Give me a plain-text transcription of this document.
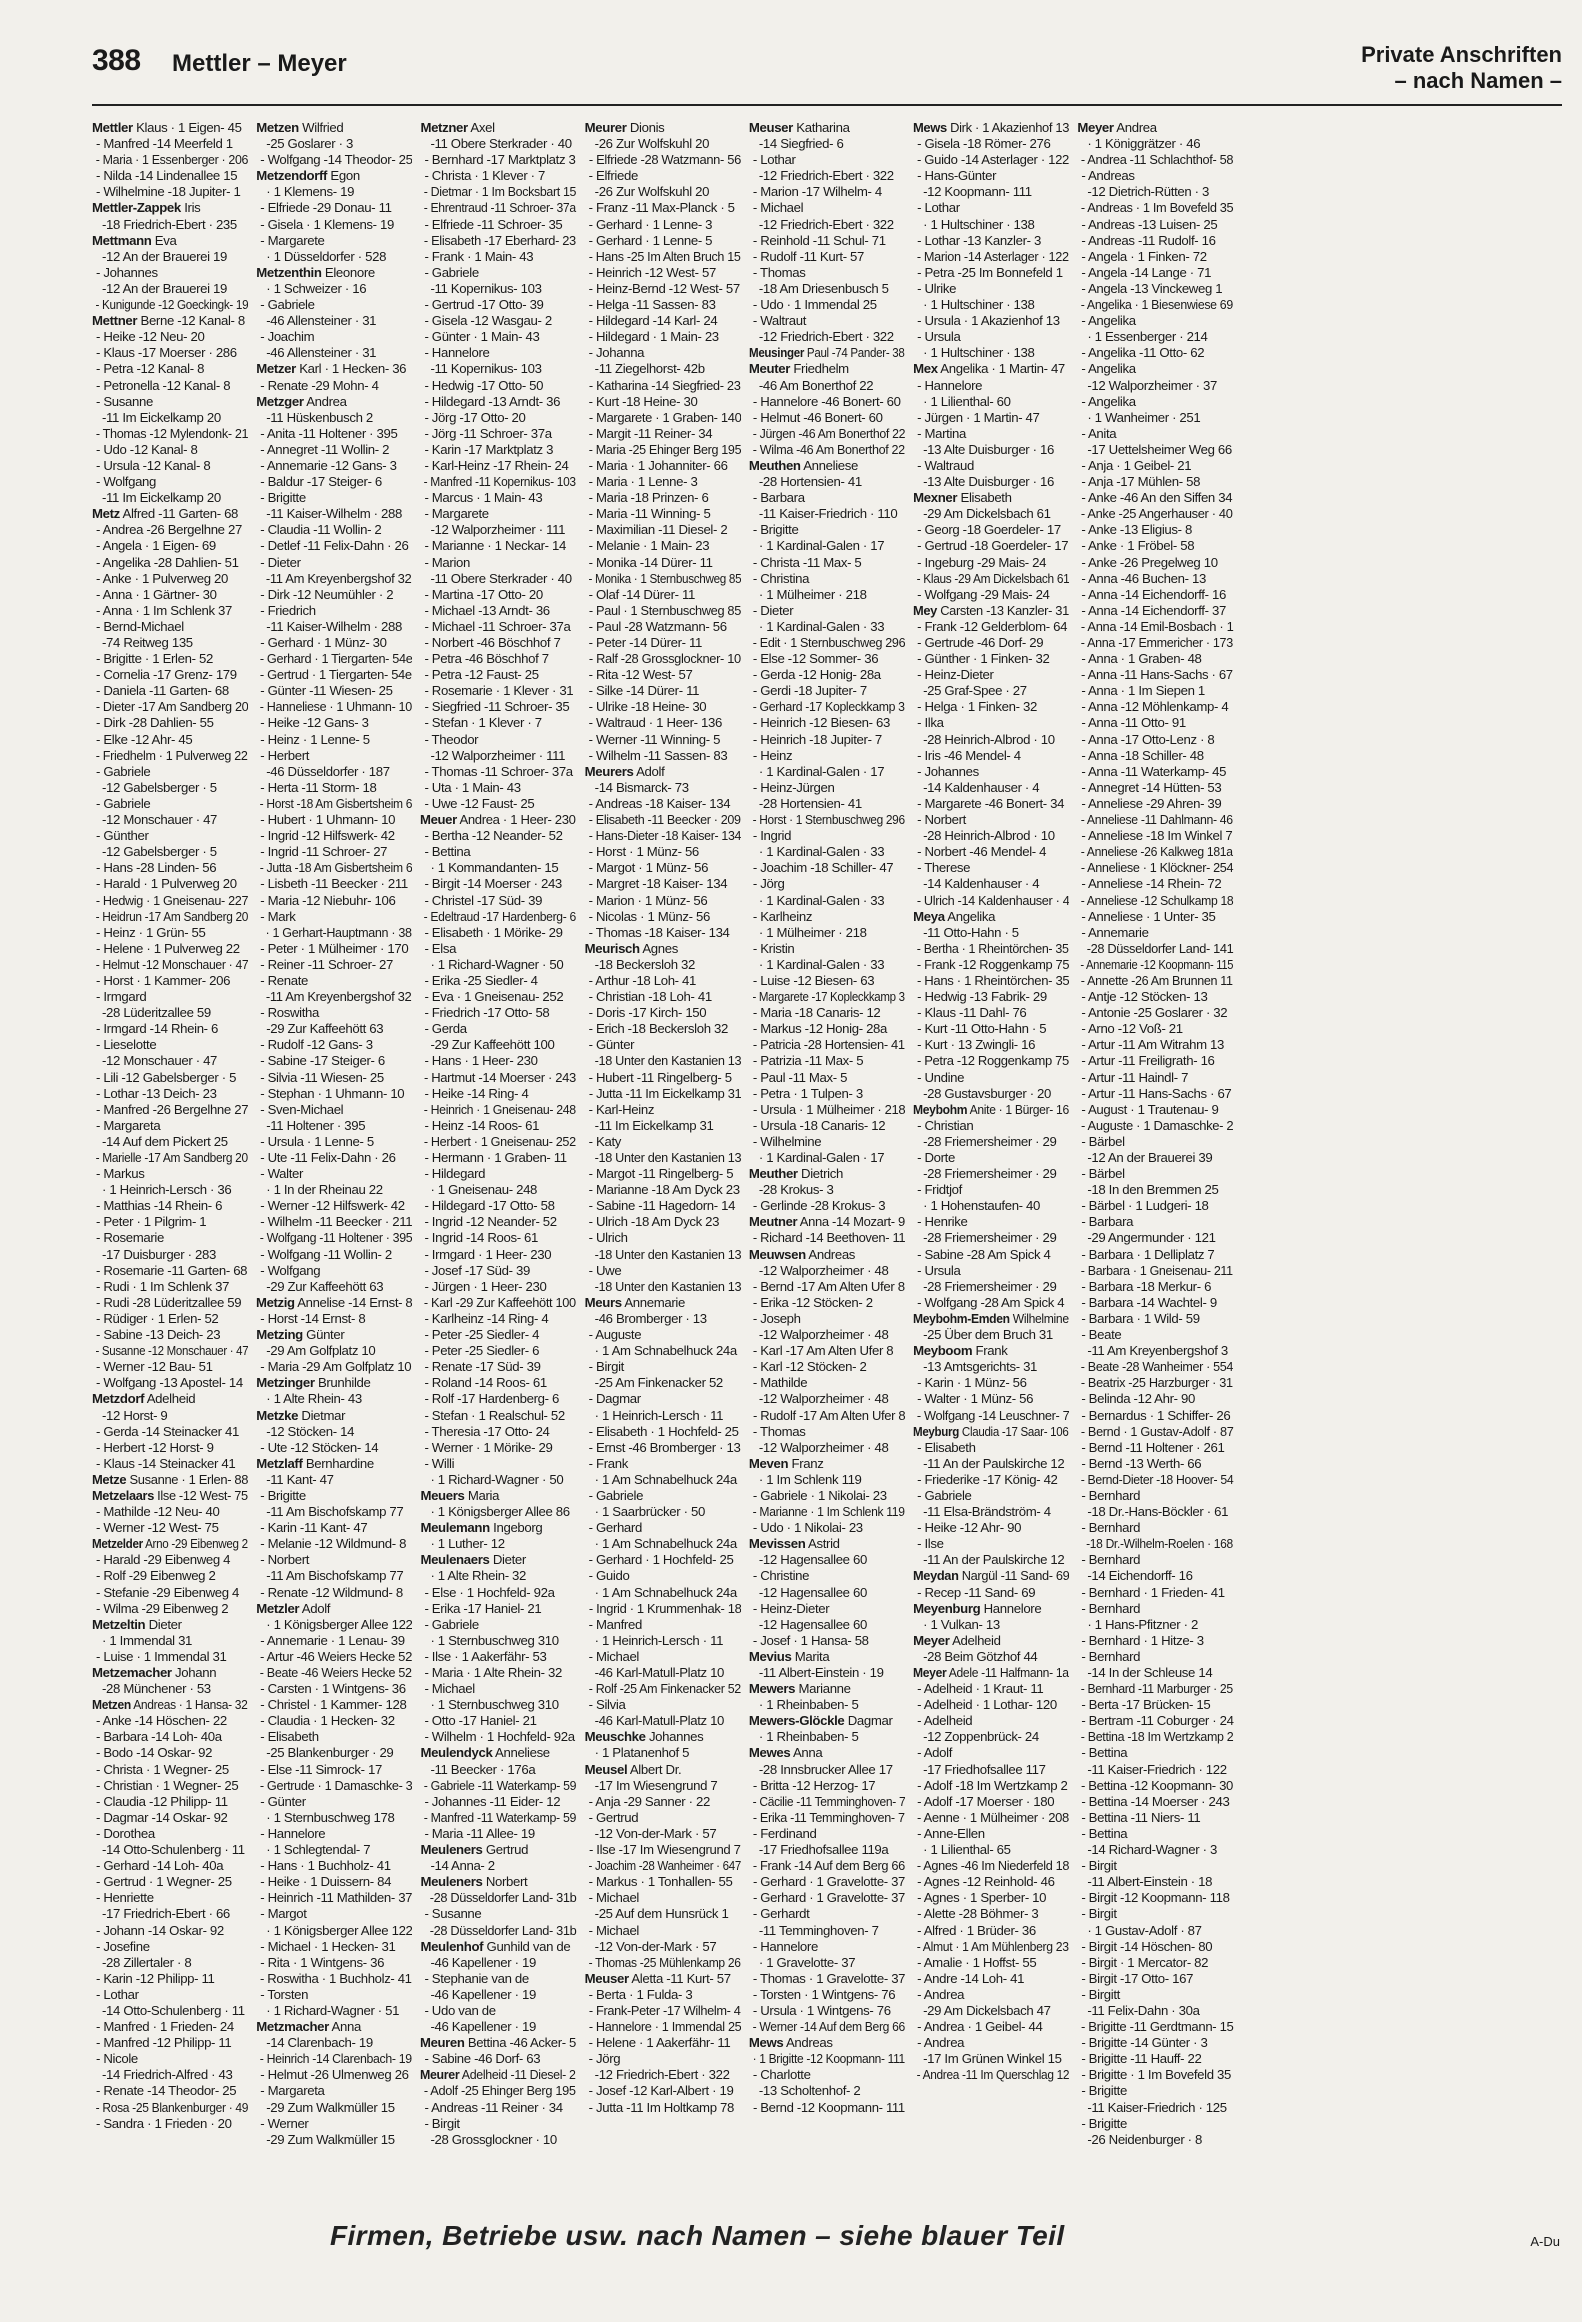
388 Mettler – Meyer	Private Anschriften
– nach Namen –
Mettler Klaus · 1 Eigen- 45
- Manfred -14 Meerfeld 1
- Maria · 1 Essenberger · 206
- Nilda -14 Lindenallee 15
- Wilhelmine -18 Jupiter- 1
Mettler-Zappek Iris
-18 Friedrich-Ebert · 235
Mettmann Eva
-12 An der Brauerei 19
- Johannes
-12 An der Brauerei 19
- Kunigunde -12 Goeckingk- 19
Mettner Berne -12 Kanal- 8
- Heike -12 Neu- 20
- Klaus -17 Moerser · 286
- Petra -12 Kanal- 8
- Petronella -12 Kanal- 8
- Susanne
-11 Im Eickelkamp 20
- Thomas -12 Mylendonk- 21
- Udo -12 Kanal- 8
- Ursula -12 Kanal- 8
- Wolfgang
-11 Im Eickelkamp 20
Metz Alfred -11 Garten- 68
- Andrea -26 Bergelhne 27
- Angela · 1 Eigen- 69
- Angelika -28 Dahlien- 51
- Anke · 1 Pulverweg 20
- Anna · 1 Gärtner- 30
- Anna · 1 Im Schlenk 37
- Bernd-Michael
-74 Reitweg 135
- Brigitte · 1 Erlen- 52
- Cornelia -17 Grenz- 179
- Daniela -11 Garten- 68
- Dieter -17 Am Sandberg 20
- Dirk -28 Dahlien- 55
- Elke -12 Ahr- 45
- Friedhelm · 1 Pulverweg 22
- Gabriele
-12 Gabelsberger · 5
- Gabriele
-12 Monschauer · 47
- Günther
-12 Gabelsberger · 5
- Hans -28 Linden- 56
- Harald · 1 Pulverweg 20
- Hedwig · 1 Gneisenau- 227
- Heidrun -17 Am Sandberg 20
- Heinz · 1 Grün- 55
- Helene · 1 Pulverweg 22
- Helmut -12 Monschauer · 47
- Horst · 1 Kammer- 206
- Irmgard
-28 Lüderitzallee 59
- Irmgard -14 Rhein- 6
- Lieselotte
-12 Monschauer · 47
- Lili -12 Gabelsberger · 5
- Lothar -13 Deich- 23
- Manfred -26 Bergelhne 27
- Margareta
-14 Auf dem Pickert 25
- Marielle -17 Am Sandberg 20
- Markus
· 1 Heinrich-Lersch · 36
- Matthias -14 Rhein- 6
- Peter · 1 Pilgrim- 1
- Rosemarie
-17 Duisburger · 283
- Rosemarie -11 Garten- 68
- Rudi · 1 Im Schlenk 37
- Rudi -28 Lüderitzallee 59
- Rüdiger · 1 Erlen- 52
- Sabine -13 Deich- 23
- Susanne -12 Monschauer · 47
- Werner -12 Bau- 51
- Wolfgang -13 Apostel- 14
Metzdorf Adelheid
-12 Horst- 9
- Gerda -14 Steinacker 41
- Herbert -12 Horst- 9
- Klaus -14 Steinacker 41
Metze Susanne · 1 Erlen- 88
Metzelaars Ilse -12 West- 75
- Mathilde -12 Neu- 40
- Werner -12 West- 75
Metzelder Arno -29 Eibenweg 2
- Harald -29 Eibenweg 4
- Rolf -29 Eibenweg 2
- Stefanie -29 Eibenweg 4
- Wilma -29 Eibenweg 2
Metzeltin Dieter
· 1 Immendal 31
- Luise · 1 Immendal 31
Metzemacher Johann
-28 Münchener · 53
Metzen Andreas · 1 Hansa- 32
- Anke -14 Höschen- 22
- Barbara -14 Loh- 40a
- Bodo -14 Oskar- 92
- Christa · 1 Wegner- 25
- Christian · 1 Wegner- 25
- Claudia -12 Philipp- 11
- Dagmar -14 Oskar- 92
- Dorothea
-14 Otto-Schulenberg · 11
- Gerhard -14 Loh- 40a
- Gertrud · 1 Wegner- 25
- Henriette
-17 Friedrich-Ebert · 66
- Johann -14 Oskar- 92
- Josefine
-28 Zillertaler · 8
- Karin -12 Philipp- 11
- Lothar
-14 Otto-Schulenberg · 11
- Manfred · 1 Frieden- 24
- Manfred -12 Philipp- 11
- Nicole
-14 Friedrich-Alfred · 43
- Renate -14 Theodor- 25
- Rosa -25 Blankenburger · 49
- Sandra · 1 Frieden · 20
Metzen Wilfried
-25 Goslarer · 3
- Wolfgang -14 Theodor- 25
Metzendorff Egon
· 1 Klemens- 19
- Elfriede -29 Donau- 11
- Gisela · 1 Klemens- 19
- Margarete
· 1 Düsseldorfer · 528
Metzenthin Eleonore
· 1 Schweizer · 16
- Gabriele
-46 Allensteiner · 31
- Joachim
-46 Allensteiner · 31
Metzer Karl · 1 Hecken- 36
- Renate -29 Mohn- 4
Metzger Andrea
-11 Hüskenbusch 2
- Anita -11 Holtener · 395
- Annegret -11 Wollin- 2
- Annemarie -12 Gans- 3
- Baldur -17 Steiger- 6
- Brigitte
-11 Kaiser-Wilhelm · 288
- Claudia -11 Wollin- 2
- Detlef -11 Felix-Dahn · 26
- Dieter
-11 Am Kreyenbergshof 32
- Dirk -12 Neumühler · 2
- Friedrich
-11 Kaiser-Wilhelm · 288
- Gerhard · 1 Münz- 30
- Gerhard · 1 Tiergarten- 54e
- Gertrud · 1 Tiergarten- 54e
- Günter -11 Wiesen- 25
- Hanneliese · 1 Uhmann- 10
- Heike -12 Gans- 3
- Heinz · 1 Lenne- 5
- Herbert
-46 Düsseldorfer · 187
- Herta -11 Storm- 18
- Horst -18 Am Gisbertsheim 6
- Hubert · 1 Uhmann- 10
- Ingrid -12 Hilfswerk- 42
- Ingrid -11 Schroer- 27
- Jutta -18 Am Gisbertsheim 6
- Lisbeth -11 Beecker · 211
- Maria -12 Niebuhr- 106
- Mark
· 1 Gerhart-Hauptmann · 38
- Peter · 1 Mülheimer · 170
- Reiner -11 Schroer- 27
- Renate
-11 Am Kreyenbergshof 32
- Roswitha
-29 Zur Kaffeehött 63
- Rudolf -12 Gans- 3
- Sabine -17 Steiger- 6
- Silvia -11 Wiesen- 25
- Stephan · 1 Uhmann- 10
- Sven-Michael
-11 Holtener · 395
- Ursula · 1 Lenne- 5
- Ute -11 Felix-Dahn · 26
- Walter
· 1 In der Rheinau 22
- Werner -12 Hilfswerk- 42
- Wilhelm -11 Beecker · 211
- Wolfgang -11 Holtener · 395
- Wolfgang -11 Wollin- 2
- Wolfgang
-29 Zur Kaffeehött 63
Metzig Annelise -14 Ernst- 8
- Horst -14 Ernst- 8
Metzing Günter
-29 Am Golfplatz 10
- Maria -29 Am Golfplatz 10
Metzinger Brunhilde
· 1 Alte Rhein- 43
Metzke Dietmar
-12 Stöcken- 14
- Ute -12 Stöcken- 14
Metzlaff Bernhardine
-11 Kant- 47
- Brigitte
-11 Am Bischofskamp 77
- Karin -11 Kant- 47
- Melanie -12 Wildmund- 8
- Norbert
-11 Am Bischofskamp 77
- Renate -12 Wildmund- 8
Metzler Adolf
· 1 Königsberger Allee 122
- Annemarie · 1 Lenau- 39
- Artur -46 Weiers Hecke 52
- Beate -46 Weiers Hecke 52
- Carsten · 1 Wintgens- 36
- Christel · 1 Kammer- 128
- Claudia · 1 Hecken- 32
- Elisabeth
-25 Blankenburger · 29
- Else -11 Simrock- 17
- Gertrude · 1 Damaschke- 3
- Günter
· 1 Sternbuschweg 178
- Hannelore
· 1 Schlegtendal- 7
- Hans · 1 Buchholz- 41
- Heike · 1 Duissern- 84
- Heinrich -11 Mathilden- 37
- Margot
· 1 Königsberger Allee 122
- Michael · 1 Hecken- 31
- Rita · 1 Wintgens- 36
- Roswitha · 1 Buchholz- 41
- Torsten
· 1 Richard-Wagner · 51
Metzmacher Anna
-14 Clarenbach- 19
- Heinrich -14 Clarenbach- 19
- Helmut -26 Ulmenweg 26
- Margareta
-29 Zum Walkmüller 15
- Werner
-29 Zum Walkmüller 15
Metzner Axel
-11 Obere Sterkrader · 40
- Bernhard -17 Marktplatz 3
- Christa · 1 Klever · 7
- Dietmar · 1 Im Bocksbart 15
- Ehrentraud -11 Schroer- 37a
- Elfriede -11 Schroer- 35
- Elisabeth -17 Eberhard- 23
- Frank · 1 Main- 43
- Gabriele
-11 Kopernikus- 103
- Gertrud -17 Otto- 39
- Gisela -12 Wasgau- 2
- Günter · 1 Main- 43
- Hannelore
-11 Kopernikus- 103
- Hedwig -17 Otto- 50
- Hildegard -13 Arndt- 36
- Jörg -17 Otto- 20
- Jörg -11 Schroer- 37a
- Karin -17 Marktplatz 3
- Karl-Heinz -17 Rhein- 24
- Manfred -11 Kopernikus- 103
- Marcus · 1 Main- 43
- Margarete
-12 Walporzheimer · 111
- Marianne · 1 Neckar- 14
- Marion
-11 Obere Sterkrader · 40
- Martina -17 Otto- 20
- Michael -13 Arndt- 36
- Michael -11 Schroer- 37a
- Norbert -46 Böschhof 7
- Petra -46 Böschhof 7
- Petra -12 Faust- 25
- Rosemarie · 1 Klever · 31
- Siegfried -11 Schroer- 35
- Stefan · 1 Klever · 7
- Theodor
-12 Walporzheimer · 111
- Thomas -11 Schroer- 37a
- Uta · 1 Main- 43
- Uwe -12 Faust- 25
Meuer Andrea · 1 Heer- 230
- Bertha -12 Neander- 52
- Bettina
· 1 Kommandanten- 15
- Birgit -14 Moerser · 243
- Christel -17 Süd- 39
- Edeltraud -17 Hardenberg- 6
- Elisabeth · 1 Mörike- 29
- Elsa
· 1 Richard-Wagner · 50
- Erika -25 Siedler- 4
- Eva · 1 Gneisenau- 252
- Friedrich -17 Otto- 58
- Gerda
-29 Zur Kaffeehött 100
- Hans · 1 Heer- 230
- Hartmut -14 Moerser · 243
- Heike -14 Ring- 4
- Heinrich · 1 Gneisenau- 248
- Heinz -14 Roos- 61
- Herbert · 1 Gneisenau- 252
- Hermann · 1 Graben- 11
- Hildegard
· 1 Gneisenau- 248
- Hildegard -17 Otto- 58
- Ingrid -12 Neander- 52
- Ingrid -14 Roos- 61
- Irmgard · 1 Heer- 230
- Josef -17 Süd- 39
- Jürgen · 1 Heer- 230
- Karl -29 Zur Kaffeehött 100
- Karlheinz -14 Ring- 4
- Peter -25 Siedler- 4
- Peter -25 Siedler- 6
- Renate -17 Süd- 39
- Roland -14 Roos- 61
- Rolf -17 Hardenberg- 6
- Stefan · 1 Realschul- 52
- Theresia -17 Otto- 24
- Werner · 1 Mörike- 29
- Willi
· 1 Richard-Wagner · 50
Meuers Maria
· 1 Königsberger Allee 86
Meulemann Ingeborg
· 1 Luther- 12
Meulenaers Dieter
· 1 Alte Rhein- 32
- Else · 1 Hochfeld- 92a
- Erika -17 Haniel- 21
- Gabriele
· 1 Sternbuschweg 310
- Ilse · 1 Aakerfähr- 53
- Maria · 1 Alte Rhein- 32
- Michael
· 1 Sternbuschweg 310
- Otto -17 Haniel- 21
- Wilhelm · 1 Hochfeld- 92a
Meulendyck Anneliese
-11 Beecker · 176a
- Gabriele -11 Waterkamp- 59
- Johannes -11 Eider- 12
- Manfred -11 Waterkamp- 59
- Maria -11 Allee- 19
Meuleners Gertrud
-14 Anna- 2
Meuleners Norbert
-28 Düsseldorfer Land- 31b
- Susanne
-28 Düsseldorfer Land- 31b
Meulenhof Gunhild van de
-46 Kapellener · 19
- Stephanie van de
-46 Kapellener · 19
- Udo van de
-46 Kapellener · 19
Meuren Bettina -46 Acker- 5
- Sabine -46 Dorf- 63
Meurer Adelheid -11 Diesel- 2
- Adolf -25 Ehinger Berg 195
- Andreas -11 Reiner · 34
- Birgit
-28 Grossglockner · 10
Meurer Dionis
-26 Zur Wolfskuhl 20
- Elfriede -28 Watzmann- 56
- Elfriede
-26 Zur Wolfskuhl 20
- Franz -11 Max-Planck · 5
- Gerhard · 1 Lenne- 3
- Gerhard · 1 Lenne- 5
- Hans -25 Im Alten Bruch 15
- Heinrich -12 West- 57
- Heinz-Bernd -12 West- 57
- Helga -11 Sassen- 83
- Hildegard -14 Karl- 24
- Hildegard · 1 Main- 23
- Johanna
-11 Ziegelhorst- 42b
- Katharina -14 Siegfried- 23
- Kurt -18 Heine- 30
- Margarete · 1 Graben- 140
- Margit -11 Reiner- 34
- Maria -25 Ehinger Berg 195
- Maria · 1 Johanniter- 66
- Maria · 1 Lenne- 3
- Maria -18 Prinzen- 6
- Maria -11 Winning- 5
- Maximilian -11 Diesel- 2
- Melanie · 1 Main- 23
- Monika -14 Dürer- 11
- Monika · 1 Sternbuschweg 85
- Olaf -14 Dürer- 11
- Paul · 1 Sternbuschweg 85
- Paul -28 Watzmann- 56
- Peter -14 Dürer- 11
- Ralf -28 Grossglockner- 10
- Rita -12 West- 57
- Silke -14 Dürer- 11
- Ulrike -18 Heine- 30
- Waltraud · 1 Heer- 136
- Werner -11 Winning- 5
- Wilhelm -11 Sassen- 83
Meurers Adolf
-14 Bismarck- 73
- Andreas -18 Kaiser- 134
- Elisabeth -11 Beecker · 209
- Hans-Dieter -18 Kaiser- 134
- Horst · 1 Münz- 56
- Margot · 1 Münz- 56
- Margret -18 Kaiser- 134
- Marion · 1 Münz- 56
- Nicolas · 1 Münz- 56
- Thomas -18 Kaiser- 134
Meurisch Agnes
-18 Beckersloh 32
- Arthur -18 Loh- 41
- Christian -18 Loh- 41
- Doris -17 Kirch- 150
- Erich -18 Beckersloh 32
- Günter
-18 Unter den Kastanien 13
- Hubert -11 Ringelberg- 5
- Jutta -11 Im Eickelkamp 31
- Karl-Heinz
-11 Im Eickelkamp 31
- Katy
-18 Unter den Kastanien 13
- Margot -11 Ringelberg- 5
- Marianne -18 Am Dyck 23
- Sabine -11 Hagedorn- 14
- Ulrich -18 Am Dyck 23
- Ulrich
-18 Unter den Kastanien 13
- Uwe
-18 Unter den Kastanien 13
Meurs Annemarie
-46 Bromberger · 13
- Auguste
· 1 Am Schnabelhuck 24a
- Birgit
-25 Am Finkenacker 52
- Dagmar
· 1 Heinrich-Lersch · 11
- Elisabeth · 1 Hochfeld- 25
- Ernst -46 Bromberger · 13
- Frank
· 1 Am Schnabelhuck 24a
- Gabriele
· 1 Saarbrücker · 50
- Gerhard
· 1 Am Schnabelhuck 24a
- Gerhard · 1 Hochfeld- 25
- Guido
· 1 Am Schnabelhuck 24a
- Ingrid · 1 Krummenhak- 18
- Manfred
· 1 Heinrich-Lersch · 11
- Michael
-46 Karl-Matull-Platz 10
- Rolf -25 Am Finkenacker 52
- Silvia
-46 Karl-Matull-Platz 10
Meuschke Johannes
· 1 Platanenhof 5
Meusel Albert Dr.
-17 Im Wiesengrund 7
- Anja -29 Sanner · 22
- Gertrud
-12 Von-der-Mark · 57
- Ilse -17 Im Wiesengrund 7
- Joachim -28 Wanheimer · 647
- Markus · 1 Tonhallen- 55
- Michael
-25 Auf dem Hunsrück 1
- Michael
-12 Von-der-Mark · 57
- Thomas -25 Mühlenkamp 26
Meuser Aletta -11 Kurt- 57
- Berta · 1 Fulda- 3
- Frank-Peter -17 Wilhelm- 4
- Hannelore · 1 Immendal 25
- Helene · 1 Aakerfähr- 11
- Jörg
-12 Friedrich-Ebert · 322
- Josef -12 Karl-Albert · 19
- Jutta -11 Im Holtkamp 78
Meuser Katharina
-14 Siegfried- 6
- Lothar
-12 Friedrich-Ebert · 322
- Marion -17 Wilhelm- 4
- Michael
-12 Friedrich-Ebert · 322
- Reinhold -11 Schul- 71
- Rudolf -11 Kurt- 57
- Thomas
-18 Am Driesenbusch 5
- Udo · 1 Immendal 25
- Waltraut
-12 Friedrich-Ebert · 322
Meusinger Paul -74 Pander- 38
Meuter Friedhelm
-46 Am Bonerthof 22
- Hannelore -46 Bonert- 60
- Helmut -46 Bonert- 60
- Jürgen -46 Am Bonerthof 22
- Wilma -46 Am Bonerthof 22
Meuthen Anneliese
-28 Hortensien- 41
- Barbara
-11 Kaiser-Friedrich · 110
- Brigitte
· 1 Kardinal-Galen · 17
- Christa -11 Max- 5
- Christina
· 1 Mülheimer · 218
- Dieter
· 1 Kardinal-Galen · 33
- Edit · 1 Sternbuschweg 296
- Else -12 Sommer- 36
- Gerda -12 Honig- 28a
- Gerdi -18 Jupiter- 7
- Gerhard -17 Kopleckkamp 3
- Heinrich -12 Biesen- 63
- Heinrich -18 Jupiter- 7
- Heinz
· 1 Kardinal-Galen · 17
- Heinz-Jürgen
-28 Hortensien- 41
- Horst · 1 Sternbuschweg 296
- Ingrid
· 1 Kardinal-Galen · 33
- Joachim -18 Schiller- 47
- Jörg
· 1 Kardinal-Galen · 33
- Karlheinz
· 1 Mülheimer · 218
- Kristin
· 1 Kardinal-Galen · 33
- Luise -12 Biesen- 63
- Margarete -17 Kopleckkamp 3
- Maria -18 Canaris- 12
- Markus -12 Honig- 28a
- Patricia -28 Hortensien- 41
- Patrizia -11 Max- 5
- Paul -11 Max- 5
- Petra · 1 Tulpen- 3
- Ursula · 1 Mülheimer · 218
- Ursula -18 Canaris- 12
- Wilhelmine
· 1 Kardinal-Galen · 17
Meuther Dietrich
-28 Krokus- 3
- Gerlinde -28 Krokus- 3
Meutner Anna -14 Mozart- 9
- Richard -14 Beethoven- 11
Meuwsen Andreas
-12 Walporzheimer · 48
- Bernd -17 Am Alten Ufer 8
- Erika -12 Stöcken- 2
- Joseph
-12 Walporzheimer · 48
- Karl -17 Am Alten Ufer 8
- Karl -12 Stöcken- 2
- Mathilde
-12 Walporzheimer · 48
- Rudolf -17 Am Alten Ufer 8
- Thomas
-12 Walporzheimer · 48
Meven Franz
· 1 Im Schlenk 119
- Gabriele · 1 Nikolai- 23
- Marianne · 1 Im Schlenk 119
- Udo · 1 Nikolai- 23
Mevissen Astrid
-12 Hagensallee 60
- Christine
-12 Hagensallee 60
- Heinz-Dieter
-12 Hagensallee 60
- Josef · 1 Hansa- 58
Mevius Marita
-11 Albert-Einstein · 19
Mewers Marianne
· 1 Rheinbaben- 5
Mewers-Glöckle Dagmar
· 1 Rheinbaben- 5
Mewes Anna
-28 Innsbrucker Allee 17
- Britta -12 Herzog- 17
- Cäcilie -11 Temminghoven- 7
- Erika -11 Temminghoven- 7
- Ferdinand
-17 Friedhofsallee 119a
- Frank -14 Auf dem Berg 66
- Gerhard · 1 Gravelotte- 37
- Gerhard · 1 Gravelotte- 37
- Gerhardt
-11 Temminghoven- 7
- Hannelore
· 1 Gravelotte- 37
- Thomas · 1 Gravelotte- 37
- Torsten · 1 Wintgens- 76
- Ursula · 1 Wintgens- 76
- Werner -14 Auf dem Berg 66
Mews Andreas
· 1 Brigitte -12 Koopmann- 111
- Charlotte
-13 Scholtenhof- 2
- Bernd -12 Koopmann- 111
Mews Dirk · 1 Akazienhof 13
- Gisela -18 Römer- 276
- Guido -14 Asterlager · 122
- Hans-Günter
-12 Koopmann- 111
- Lothar
· 1 Hultschiner · 138
- Lothar -13 Kanzler- 3
- Marion -14 Asterlager · 122
- Petra -25 Im Bonnefeld 1
- Ulrike
· 1 Hultschiner · 138
- Ursula · 1 Akazienhof 13
- Ursula
· 1 Hultschiner · 138
Mex Angelika · 1 Martin- 47
- Hannelore
· 1 Lilienthal- 60
- Jürgen · 1 Martin- 47
- Martina
-13 Alte Duisburger · 16
- Waltraud
-13 Alte Duisburger · 16
Mexner Elisabeth
-29 Am Dickelsbach 61
- Georg -18 Goerdeler- 17
- Gertrud -18 Goerdeler- 17
- Ingeburg -29 Mais- 24
- Klaus -29 Am Dickelsbach 61
- Wolfgang -29 Mais- 24
Mey Carsten -13 Kanzler- 31
- Frank -12 Gelderblom- 64
- Gertrude -46 Dorf- 29
- Günther · 1 Finken- 32
- Heinz-Dieter
-25 Graf-Spee · 27
- Helga · 1 Finken- 32
- Ilka
-28 Heinrich-Albrod · 10
- Iris -46 Mendel- 4
- Johannes
-14 Kaldenhauser · 4
- Margarete -46 Bonert- 34
- Norbert
-28 Heinrich-Albrod · 10
- Norbert -46 Mendel- 4
- Therese
-14 Kaldenhauser · 4
- Ulrich -14 Kaldenhauser · 4
Meya Angelika
-11 Otto-Hahn · 5
- Bertha · 1 Rheintörchen- 35
- Frank -12 Roggenkamp 75
- Hans · 1 Rheintörchen- 35
- Hedwig -13 Fabrik- 29
- Klaus -11 Dahl- 76
- Kurt -11 Otto-Hahn · 5
- Kurt · 13 Zwingli- 16
- Petra -12 Roggenkamp 75
- Undine
-28 Gustavsburger · 20
Meybohm Anite · 1 Bürger- 16
- Christian
-28 Friemersheimer · 29
- Dorte
-28 Friemersheimer · 29
- Fridtjof
· 1 Hohenstaufen- 40
- Henrike
-28 Friemersheimer · 29
- Sabine -28 Am Spick 4
- Ursula
-28 Friemersheimer · 29
- Wolfgang -28 Am Spick 4
Meybohm-Emden Wilhelmine
-25 Über dem Bruch 31
Meyboom Frank
-13 Amtsgerichts- 31
- Karin · 1 Münz- 56
- Walter · 1 Münz- 56
- Wolfgang -14 Leuschner- 7
Meyburg Claudia -17 Saar- 106
- Elisabeth
-11 An der Paulskirche 12
- Friederike -17 König- 42
- Gabriele
-11 Elsa-Brändström- 4
- Heike -12 Ahr- 90
- Ilse
-11 An der Paulskirche 12
Meydan Nargül -11 Sand- 69
- Recep -11 Sand- 69
Meyenburg Hannelore
· 1 Vulkan- 13
Meyer Adelheid
-28 Beim Götzhof 44
Meyer Adele -11 Halfmann- 1a
- Adelheid · 1 Kraut- 11
- Adelheid · 1 Lothar- 120
- Adelheid
-12 Zoppenbrück- 24
- Adolf
-17 Friedhofsallee 117
- Adolf -18 Im Wertzkamp 2
- Adolf -17 Moerser · 180
- Aenne · 1 Mülheimer · 208
- Anne-Ellen
· 1 Lilienthal- 65
- Agnes -46 Im Niederfeld 18
- Agnes -12 Reinhold- 46
- Agnes · 1 Sperber- 10
- Alette -28 Böhmer- 3
- Alfred · 1 Brüder- 36
- Almut · 1 Am Mühlenberg 23
- Amalie · 1 Hoffst- 55
- Andre -14 Loh- 41
- Andrea
-29 Am Dickelsbach 47
- Andrea · 1 Geibel- 44
- Andrea
-17 Im Grünen Winkel 15
- Andrea -11 Im Querschlag 12
Meyer Andrea
· 1 Königgrätzer · 46
- Andrea -11 Schlachthof- 58
- Andreas
-12 Dietrich-Rütten · 3
- Andreas · 1 Im Bovefeld 35
- Andreas -13 Luisen- 25
- Andreas -11 Rudolf- 16
- Angela · 1 Finken- 72
- Angela -14 Lange · 71
- Angela -13 Vinckeweg 1
- Angelika · 1 Biesenwiese 69
- Angelika
· 1 Essenberger · 214
- Angelika -11 Otto- 62
- Angelika
-12 Walporzheimer · 37
- Angelika
· 1 Wanheimer · 251
- Anita
-17 Uettelsheimer Weg 66
- Anja · 1 Geibel- 21
- Anja -17 Mühlen- 58
- Anke -46 An den Siffen 34
- Anke -25 Angerhauser · 40
- Anke -13 Eligius- 8
- Anke · 1 Fröbel- 58
- Anke -26 Pregelweg 10
- Anna -46 Buchen- 13
- Anna -14 Eichendorff- 16
- Anna -14 Eichendorff- 37
- Anna -14 Emil-Bosbach · 1
- Anna -17 Emmericher · 173
- Anna · 1 Graben- 48
- Anna -11 Hans-Sachs · 67
- Anna · 1 Im Siepen 1
- Anna -12 Möhlenkamp- 4
- Anna -11 Otto- 91
- Anna -17 Otto-Lenz · 8
- Anna -18 Schiller- 48
- Anna -11 Waterkamp- 45
- Annegret -14 Hütten- 53
- Anneliese -29 Ahren- 39
- Anneliese -11 Dahlmann- 46
- Anneliese -18 Im Winkel 7
- Anneliese -26 Kalkweg 181a
- Anneliese · 1 Klöckner- 254
- Anneliese -14 Rhein- 72
- Anneliese -12 Schulkamp 18
- Anneliese · 1 Unter- 35
- Annemarie
-28 Düsseldorfer Land- 141
- Annemarie -12 Koopmann- 115
- Annette -26 Am Brunnen 11
- Antje -12 Stöcken- 13
- Antonie -25 Goslarer · 32
- Arno -12 Voß- 21
- Artur -11 Am Witrahm 13
- Artur -11 Freiligrath- 16
- Artur -11 Haindl- 7
- Artur -11 Hans-Sachs · 67
- August · 1 Trautenau- 9
- Auguste · 1 Damaschke- 2
- Bärbel
-12 An der Brauerei 39
- Bärbel
-18 In den Bremmen 25
- Bärbel · 1 Ludgeri- 18
- Barbara
-29 Angermunder · 121
- Barbara · 1 Delliplatz 7
- Barbara · 1 Gneisenau- 211
- Barbara -18 Merkur- 6
- Barbara -14 Wachtel- 9
- Barbara · 1 Wild- 59
- Beate
-11 Am Kreyenbergshof 3
- Beate -28 Wanheimer · 554
- Beatrix -25 Harzburger · 31
- Belinda -12 Ahr- 90
- Bernardus · 1 Schiffer- 26
- Bernd · 1 Gustav-Adolf · 87
- Bernd -11 Holtener · 261
- Bernd -13 Werth- 66
- Bernd-Dieter -18 Hoover- 54
- Bernhard
-18 Dr.-Hans-Böckler · 61
- Bernhard
-18 Dr.-Wilhelm-Roelen · 168
- Bernhard
-14 Eichendorff- 16
- Bernhard · 1 Frieden- 41
- Bernhard
· 1 Hans-Pfitzner · 2
- Bernhard · 1 Hitze- 3
- Bernhard
-14 In der Schleuse 14
- Bernhard -11 Marburger · 25
- Berta -17 Brücken- 15
- Bertram -11 Coburger · 24
- Bettina -18 Im Wertzkamp 2
- Bettina
-11 Kaiser-Friedrich · 122
- Bettina -12 Koopmann- 30
- Bettina -14 Moerser · 243
- Bettina -11 Niers- 11
- Bettina
-14 Richard-Wagner · 3
- Birgit
-11 Albert-Einstein · 18
- Birgit -12 Koopmann- 118
- Birgit
· 1 Gustav-Adolf · 87
- Birgit -14 Höschen- 80
- Birgit · 1 Mercator- 82
- Birgit -17 Otto- 167
- Birgitt
-11 Felix-Dahn · 30a
- Brigitte -11 Gerdtmann- 15
- Brigitte -14 Günter · 3
- Brigitte -11 Hauff- 22
- Brigitte · 1 Im Bovefeld 35
- Brigitte
-11 Kaiser-Friedrich · 125
- Brigitte
-26 Neidenburger · 8
Firmen, Betriebe usw. nach Namen – siehe blauer Teil	A-Du
